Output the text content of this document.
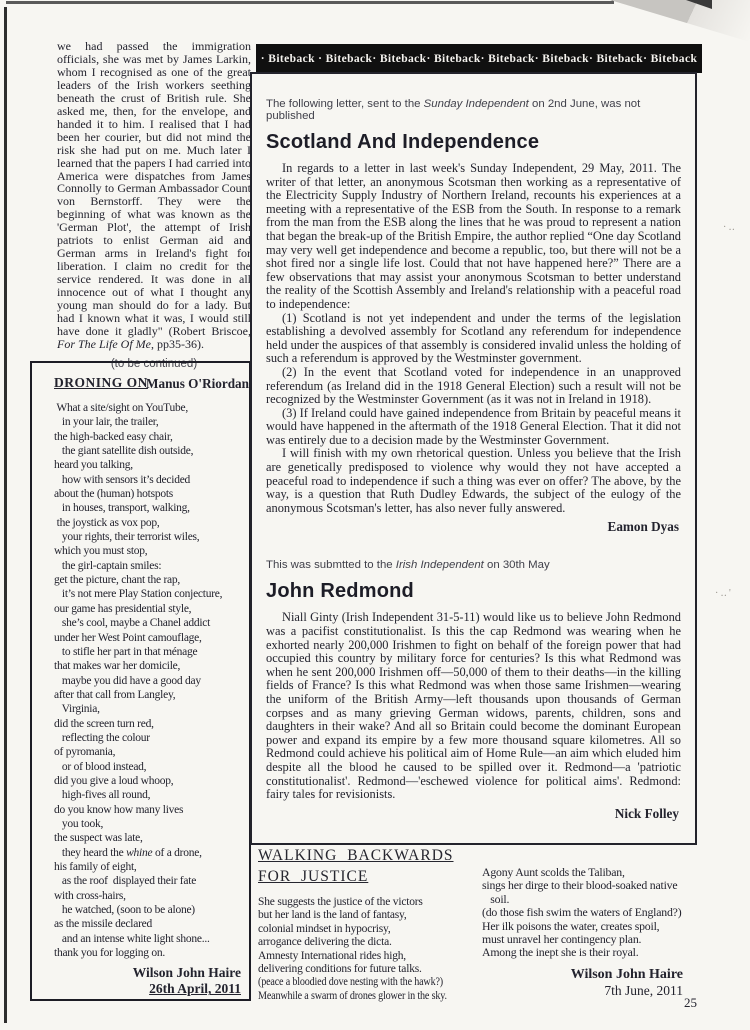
·‥
·‥'
we had passed the immigration officials, she was met by James Larkin, whom I recognised as one of the great leaders of the Irish workers seething beneath the crust of British rule. She asked me, then, for the envelope, and handed it to him. I realised that I had been her courier, but did not mind the risk she had put on me. Much later I learned that the papers I had carried into America were dispatches from James Connolly to German Ambassador Count von Bernstorff. They were the beginning of what was known as the 'German Plot', the attempt of Irish patriots to enlist German aid and German arms in Ireland's fight for liberation. I claim no credit for the service rendered. It was done in all innocence out of what I thought any young man should do for a lady. But had I known what it was, I would still have done it gladly" (Robert Briscoe, For The Life Of Me, pp35-36).
(to be continued)
Manus O'Riordan
DRONING ON
What a site/sight on YouTube,
in your lair, the trailer,
the high-backed easy chair,
the giant satellite dish outside,
heard you talking,
how with sensors it’s decided
about the (human) hotspots
in houses, transport, walking,
the joystick as vox pop,
your rights, their terrorist wiles,
which you must stop,
the girl-captain smiles:
get the picture, chant the rap,
it’s not mere Play Station conjecture,
our game has presidential style,
she’s cool, maybe a Chanel addict
under her West Point camouflage,
to stifle her part in that ménage
that makes war her domicile,
maybe you did have a good day
after that call from Langley,
Virginia,
did the screen turn red,
reflecting the colour
of pyromania,
or of blood instead,
did you give a loud whoop,
high-fives all round,
do you know how many lives
you took,
the suspect was late,
they heard the whine of a drone,
his family of eight,
as the roof  displayed their fate
with cross-hairs,
he watched, (soon to be alone)
as the missile declared
and an intense white light shone...
thank you for logging on.
Wilson John Haire
26th April, 2011
· Biteback · Biteback· Biteback· Biteback· Biteback· Biteback· Biteback· Biteback
The following letter, sent to the Sunday Independent on 2nd June, was not published
Scotland And Independence

In regards to a letter in last week's Sunday Independent, 29 May, 2011. The writer of that letter, an anonymous Scotsman then working as a representative of the Electricity Supply Industry of Northern Ireland, recounts his experiences at a meeting with a representative of the ESB from the South. In response to a remark from the man from the ESB along the lines that he was proud to represent a nation that began the break-up of the British Empire, the author replied “One day Scotland may very well get independence and become a republic, too, but there will not be a shot fired nor a single life lost. Could that not have happened here?” There are a few observations that may assist your anonymous Scotsman to better understand the reality of the Scottish Assembly and Ireland's relationship with a peaceful road to independence:

(1) Scotland is not yet independent and under the terms of the legislation establishing a devolved assembly for Scotland any referendum for independence held under the auspices of that assembly is considered invalid unless the holding of such a referendum is approved by the Westminster government.

(2) In the event that Scotland voted for independence in an unapproved referendum (as Ireland did in the 1918 General Election) such a result will not be recognized by the Westminster Government (as it was not in Ireland in 1918).

(3) If Ireland could have gained independence from Britain by peaceful means it would have happened in the aftermath of the 1918 General Election. That it did not was entirely due to a decision made by the Westminster Government.

I will finish with my own rhetorical question. Unless you believe that the Irish are genetically predisposed to violence why would they not have accepted a peaceful road to independence if such a thing was ever on offer? The above, by the way, is a question that Ruth Dudley Edwards, the subject of the eulogy of the anonymous Scotsman's letter, has also never fully answered.

Eamon Dyas
This was submtted to the Irish Independent on 30th May
John Redmond

Niall Ginty (Irish Independent 31-5-11) would like us to believe John Redmond was a pacifist constitutionalist. Is this the cap Redmond was wearing when he exhorted nearly 200,000 Irishmen to fight on behalf of the foreign power that had occupied this country by military force for centuries? Is this what Redmond was when he sent 200,000 Irishmen off—50,000 of them to their deaths—in the killing fields of France? Is this what Redmond was when those same Irishmen—wearing the uniform of the British Army—left thousands upon thousands of German corpses and as many grieving German widows, parents, children, sons and daughters in their wake? And all so Britain could become the dominant European power and expand its empire by a few more thousand square kilometres. All so Redmond could achieve his political aim of Home Rule—an aim which eluded him despite all the blood he caused to be spilled over it. Redmond—a 'patriotic constitutionalist'. Redmond—'eschewed violence for political aims'. Redmond: fairy tales for revisionists.

Nick Folley
WALKING BACKWARDS
FOR JUSTICE
She suggests the justice of the victors
but her land is the land of fantasy,
colonial mindset in hypocrisy,
arrogance delivering the dicta.
Amnesty International rides high,
delivering conditions for future talks.
(peace a bloodied dove nesting with the hawk?)
Meanwhile a swarm of drones glower in the sky.
Agony Aunt scolds the Taliban,
sings her dirge to their blood-soaked native
soil.
(do those fish swim the waters of England?)
Her ilk poisons the water, creates spoil,
must unravel her contingency plan.
Among the inept she is their royal.
Wilson John Haire
7th June, 2011
25
